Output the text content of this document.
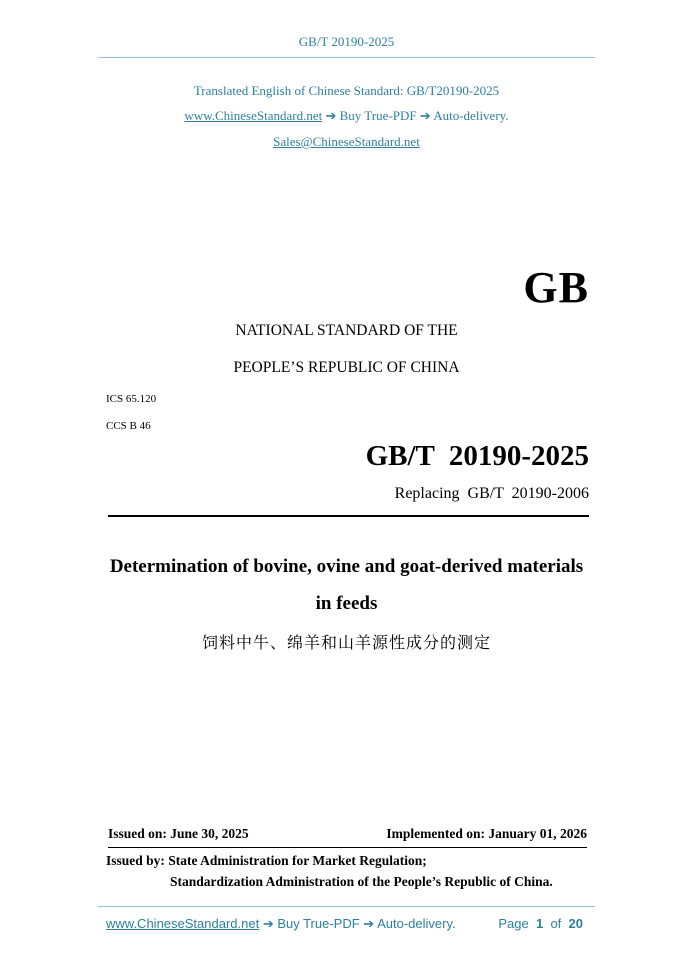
GB/T 20190-2025
Translated English of Chinese Standard: GB/T20190-2025
www.ChineseStandard.net ➔ Buy True-PDF ➔ Auto-delivery.
Sales@ChineseStandard.net
GB
NATIONAL STANDARD OF THE
PEOPLE’S REPUBLIC OF CHINA
ICS 65.120
CCS B 46
GB/T  20190-2025
Replacing  GB/T  20190-2006
Determination of bovine, ovine and goat-derived materials
in feeds
饲料中牛、绵羊和山羊源性成分的测定
Issued on: June 30, 2025	Implemented on: January 01, 2026
Issued by: State Administration for Market Regulation;
Standardization Administration of the People’s Republic of China.
www.ChineseStandard.net ➔ Buy True-PDF ➔ Auto-delivery.	Page 1 of 20
